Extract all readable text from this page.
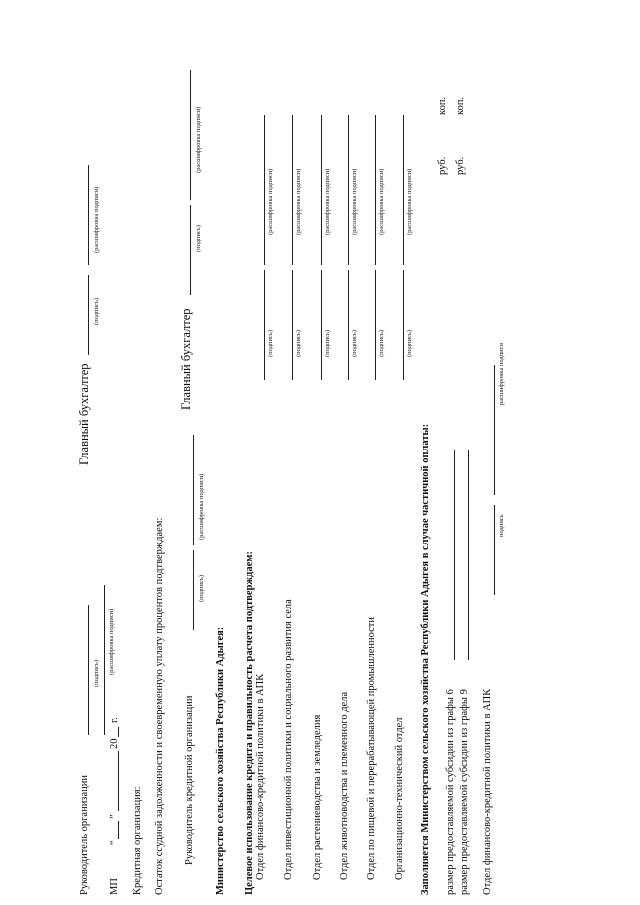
Руководитель организации
(подпись) (расшифровка подписи)
Главный бухгалтер
(подпись)
(расшифровка подписи)
МП
“
”
20
г.
Кредитная организация: Остаток ссудной задолженности и своевременную уплату процентов подтверждаем: Руководитель кредитной организации
(подпись)
(расшифровка подписи)
Главный бухгалтер
(подпись)
(расшифровка подписи)
Министерство сельского хозяйства Республики Адыгея: Целевое использование кредита и правильность расчета подтверждаем: Отдел финансово-кредитной политики в АПК
(подпись)
(расшифровка подписи)
Отдел инвестиционной политики и социального развития села
(подпись)
(расшифровка подписи)
Отдел растениеводства и земледелия
(подпись)
(расшифровка подписи)
Отдел животноводства и племенного дела
(подпись)
(расшифровка подписи)
Отдел по пищевой и перерабатывающей промышленности
(подпись)
(расшифровка подписи)
Организационно-технический отдел
(подпись)
(расшифровка подписи)
Заполняется Министерством сельского хозяйства Республики Адыгея в случае частичной оплаты: размер предоставляемой субсидии из графы 6
руб.
коп.
размер предоставляемой субсидии из графы 9
руб.
коп.
Отдел финансово-кредитной политики в АПК
подпись
расшифровка подписи
